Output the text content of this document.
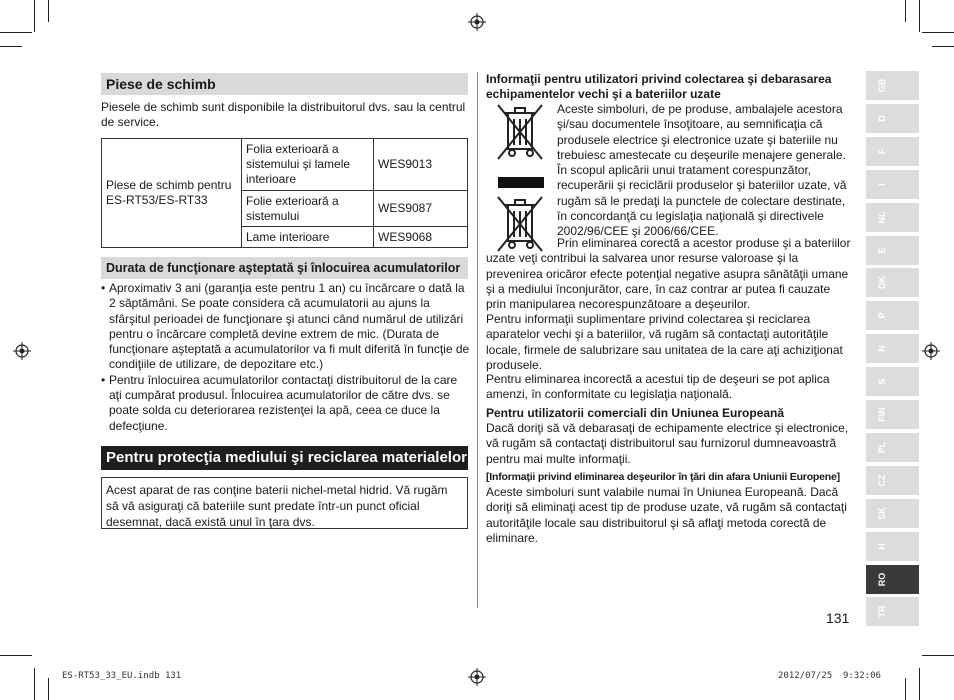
Piese de schimb
Piesele de schimb sunt disponibile la distribuitorul dvs. sau la centrul de service.
Piese de schimb pentru ES-RT53/ES-RT33	Folia exterioară a sistemului şi lamele interioare	WES9013
	Folie exterioară a sistemului	WES9087
	Lame interioare	WES9068
Durata de funcţionare aşteptată şi înlocuirea acumulatorilor
• Aproximativ 3 ani (garanţia este pentru 1 an) cu încărcare o dată la 2 săptămâni. Se poate considera că acumulatorii au ajuns la sfârşitul perioadei de funcţionare şi atunci când numărul de utilizări pentru o încărcare completă devine extrem de mic. (Durata de funcţionare aşteptată a acumulatorilor va fi mult diferită în funcţie de condiţiile de utilizare, de depozitare etc.)
• Pentru înlocuirea acumulatorilor contactaţi distribuitorul de la care aţi cumpărat produsul. Înlocuirea acumulatorilor de către dvs. se poate solda cu deteriorarea rezistenţei la apă, ceea ce duce la defecţiune.
Pentru protecţia mediului şi reciclarea materialelor
Acest aparat de ras conţine baterii nichel-metal hidrid. Vă rugăm să vă asiguraţi că bateriile sunt predate într-un punct oficial desemnat, dacă există unul în ţara dvs.
Informaţii pentru utilizatori privind colectarea şi debarasarea echipamentelor vechi şi a bateriilor uzate
Aceste simboluri, de pe produse, ambalajele acestora şi/sau documentele însoţitoare, au semnificaţia că produsele electrice şi electronice uzate şi bateriile nu trebuiesc amestecate cu deşeurile menajere generale.
În scopul aplicării unui tratament corespunzător, recuperării şi reciclării produselor şi bateriilor uzate, vă rugăm să le predaţi la punctele de colectare destinate, în concordanţă cu legislaţia naţională şi directivele 2002/96/CEE şi 2006/66/CEE.
Prin eliminarea corectă a acestor produse şi a bateriilor uzate veţi contribui la salvarea unor resurse valoroase şi la prevenirea oricăror efecte potenţial negative asupra sănătăţii umane şi a mediului înconjurător, care, în caz contrar ar putea fi cauzate prin manipularea necorespunzătoare a deşeurilor.
Pentru informaţii suplimentare privind colectarea şi reciclarea aparatelor vechi şi a bateriilor, vă rugăm să contactaţi autorităţile locale, firmele de salubrizare sau unitatea de la care aţi achiziţionat produsele.
Pentru eliminarea incorectă a acestui tip de deşeuri se pot aplica amenzi, în conformitate cu legislaţia naţională.
Pentru utilizatorii comerciali din Uniunea Europeană
Dacă doriţi să vă debarasaţi de echipamente electrice şi electronice, vă rugăm să contactaţi distribuitorul sau furnizorul dumneavoastră pentru mai multe informaţii.
[Informaţii privind eliminarea deşeurilor în ţări din afara Uniunii Europene]
Aceste simboluri sunt valabile numai în Uniunea Europeană. Dacă doriţi să eliminaţi acest tip de produse uzate, vă rugăm să contactaţi autorităţile locale sau distribuitorul şi să aflaţi metoda corectă de eliminare.
131
GB
D
F
I
NL
E
DK
P
N
S
FIN
PL
CZ
SK
H
RO
TR
ES-RT53_33_EU.indb 131	2012/07/25 9:32:06
